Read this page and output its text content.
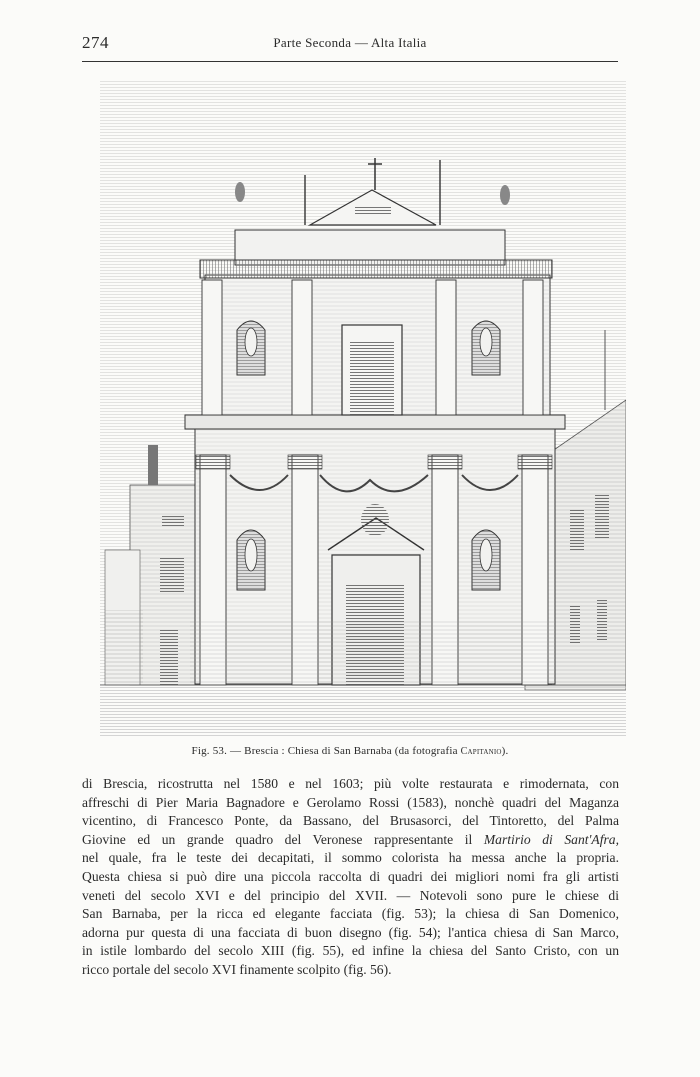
274	Parte Seconda — Alta Italia
Fig. 53. — Brescia : Chiesa di San Barnaba (da fotografia Capitanio).
di Brescia, ricostrutta nel 1580 e nel 1603; più volte restaurata e rimodernata, con
affreschi di Pier Maria Bagnadore e Gerolamo Rossi (1583), nonchè quadri del Maganza
vicentino, di Francesco Ponte, da Bassano, del Brusasorci, del Tintoretto, del Palma
Giovine ed un grande quadro del Veronese rappresentante il Martirio di Sant'Afra,
nel quale, fra le teste dei decapitati, il sommo colorista ha messa anche la propria.
Questa chiesa si può dire una piccola raccolta di quadri dei migliori nomi fra gli artisti
veneti del secolo XVI e del principio del XVII. — Notevoli sono pure le chiese di
San Barnaba, per la ricca ed elegante facciata (fig. 53); la chiesa di San Domenico,
adorna pur questa di una facciata di buon disegno (fig. 54); l'antica chiesa di San Marco,
in istile lombardo del secolo XIII (fig. 55), ed infine la chiesa del Santo Cristo, con un
ricco portale del secolo XVI finamente scolpito (fig. 56).
